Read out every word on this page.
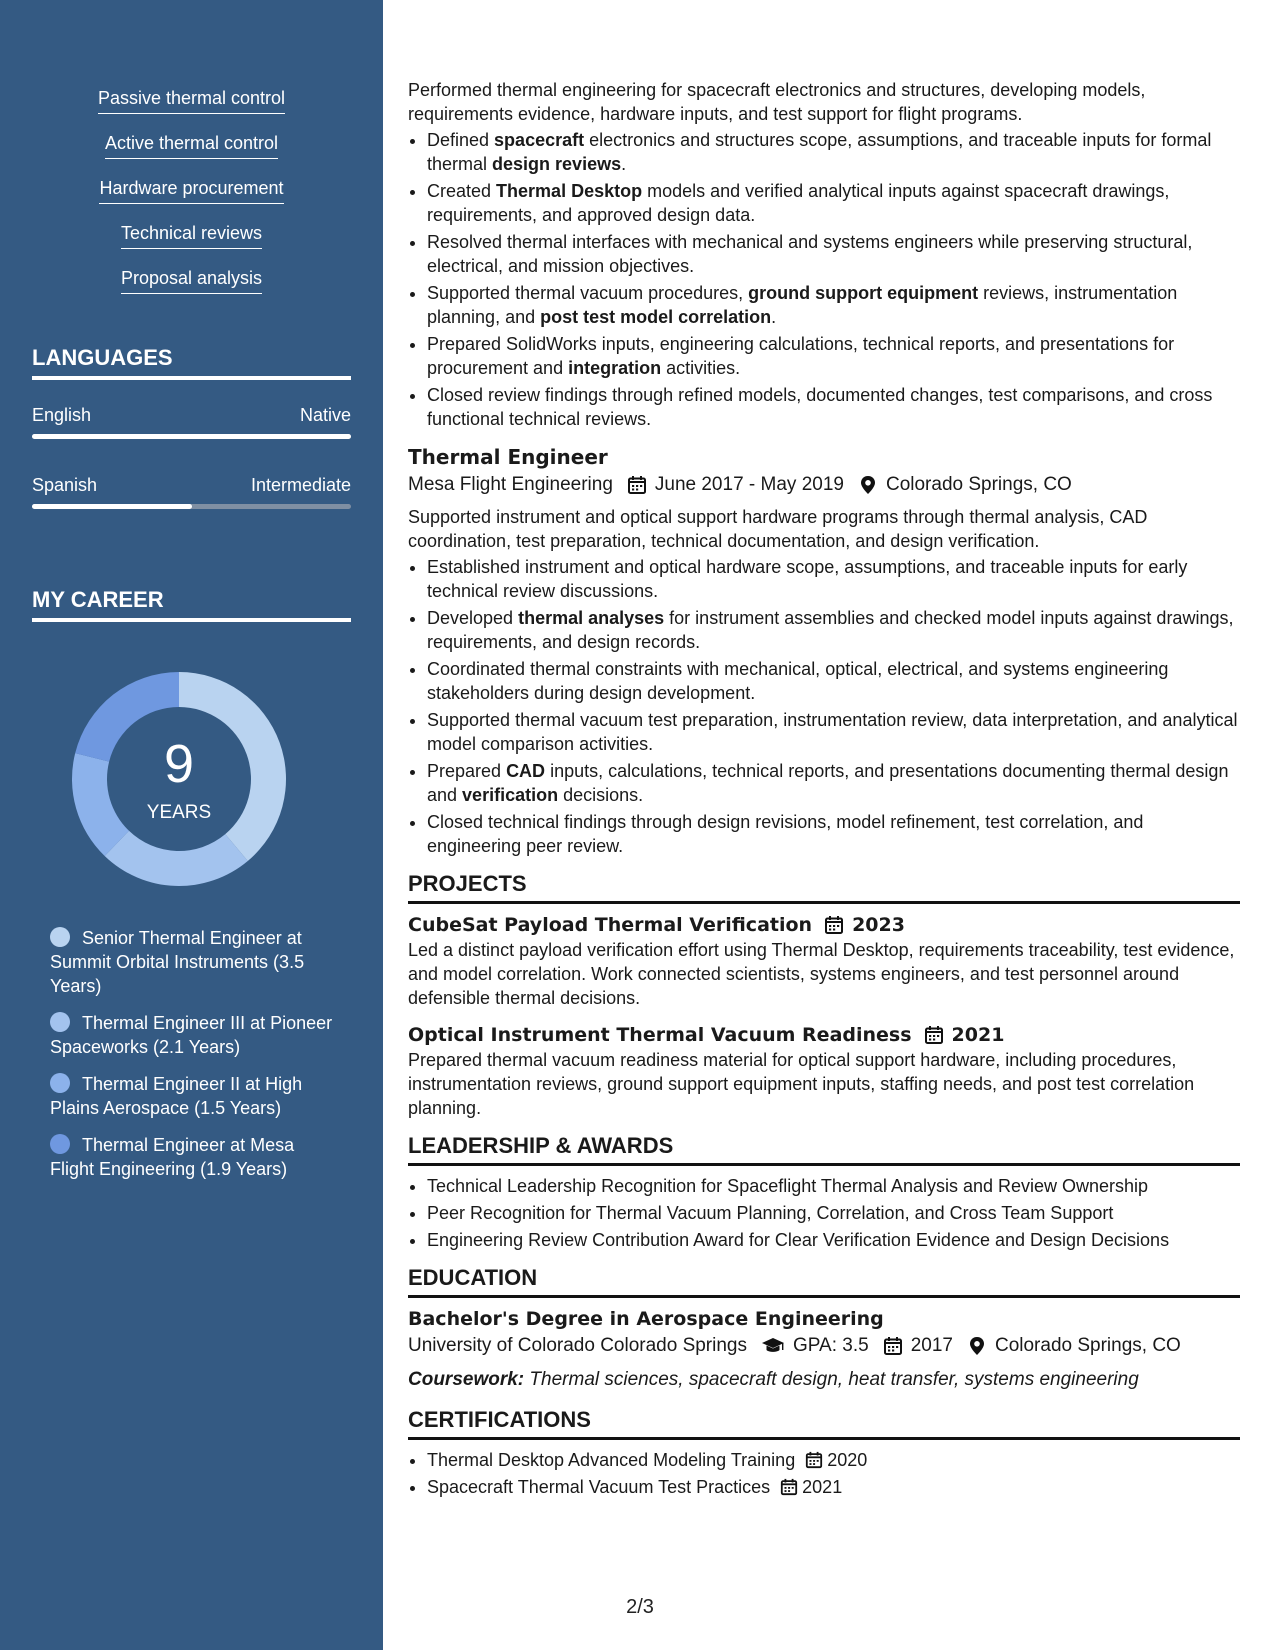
Passive thermal control
Active thermal control
Hardware procurement
Technical reviews
Proposal analysis
LANGUAGES
English	Native
Spanish	Intermediate
MY CAREER
9
YEARS
Senior Thermal Engineer at Summit Orbital Instruments (3.5 Years)
Thermal Engineer III at Pioneer Spaceworks (2.1 Years)
Thermal Engineer II at High Plains Aerospace (1.5 Years)
Thermal Engineer at Mesa Flight Engineering (1.9 Years)
Performed thermal engineering for spacecraft electronics and structures, developing models, requirements evidence, hardware inputs, and test support for flight programs.
• Defined spacecraft electronics and structures scope, assumptions, and traceable inputs for formal thermal design reviews.
• Created Thermal Desktop models and verified analytical inputs against spacecraft drawings, requirements, and approved design data.
• Resolved thermal interfaces with mechanical and systems engineers while preserving structural, electrical, and mission objectives.
• Supported thermal vacuum procedures, ground support equipment reviews, instrumentation planning, and post test model correlation.
• Prepared SolidWorks inputs, engineering calculations, technical reports, and presentations for procurement and integration activities.
• Closed review findings through refined models, documented changes, test comparisons, and cross functional technical reviews.
Thermal Engineer
Mesa Flight Engineering June 2017 - May 2019 Colorado Springs, CO
Supported instrument and optical support hardware programs through thermal analysis, CAD coordination, test preparation, technical documentation, and design verification.
• Established instrument and optical hardware scope, assumptions, and traceable inputs for early technical review discussions.
• Developed thermal analyses for instrument assemblies and checked model inputs against drawings, requirements, and design records.
• Coordinated thermal constraints with mechanical, optical, electrical, and systems engineering stakeholders during design development.
• Supported thermal vacuum test preparation, instrumentation review, data interpretation, and analytical model comparison activities.
• Prepared CAD inputs, calculations, technical reports, and presentations documenting thermal design and verification decisions.
• Closed technical findings through design revisions, model refinement, test correlation, and engineering peer review.
PROJECTS
CubeSat Payload Thermal Verification 2023
Led a distinct payload verification effort using Thermal Desktop, requirements traceability, test evidence, and model correlation. Work connected scientists, systems engineers, and test personnel around defensible thermal decisions.
Optical Instrument Thermal Vacuum Readiness 2021
Prepared thermal vacuum readiness material for optical support hardware, including procedures, instrumentation reviews, ground support equipment inputs, staffing needs, and post test correlation planning.
LEADERSHIP & AWARDS
• Technical Leadership Recognition for Spaceflight Thermal Analysis and Review Ownership
• Peer Recognition for Thermal Vacuum Planning, Correlation, and Cross Team Support
• Engineering Review Contribution Award for Clear Verification Evidence and Design Decisions
EDUCATION
Bachelor's Degree in Aerospace Engineering
University of Colorado Colorado Springs GPA: 3.5 2017 Colorado Springs, CO
Coursework: Thermal sciences, spacecraft design, heat transfer, systems engineering
CERTIFICATIONS
• Thermal Desktop Advanced Modeling Training 2020
• Spacecraft Thermal Vacuum Test Practices 2021
2/3
